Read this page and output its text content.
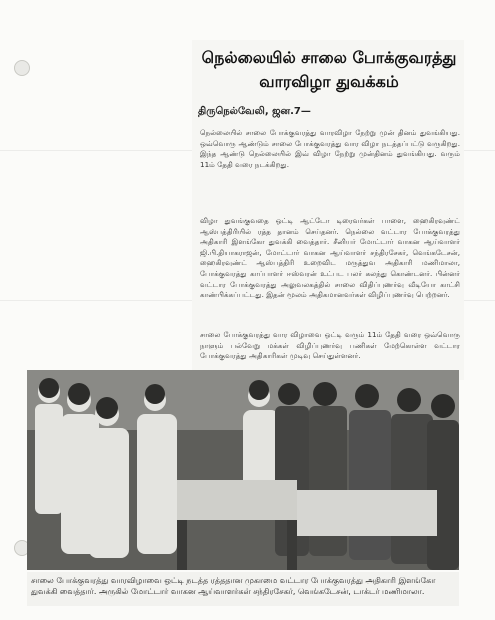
நெல்லையில் சாலை போக்குவரத்து
வாரவிழா துவக்கம்
திருநெல்வேலி, ஜன.7—
நெல்லையில் சாலை போக்குவரத்து வாரவிழா நேற்று முன் தினம் துவங்கியது. ஒவ்வொரு ஆண்டும் சாலை போக்குவரத்து வார விழா நடத்தப்பட்டு வருகிறது. இந்த ஆண்டு நெல்லையில் இவ் விழா நேற்று முன்தினம் துவங்கியது. வரும் 11ம் தேதி வரை நடக்கிறது.
விழா துவங்குவதை ஒட்டி ஆட்டோ டிரைவர்கள் பாளை, ஹைகிரவுண்ட் ஆஸ்பத்திரியில் ரத்த தானம் செய்தனர். நெல்லை வட்டார போக்குவரத்து அதிகாரி இளங்கோ துவக்கி வைத்தார். சீனியர் மோட்டார் வாகன ஆய்வாளர் ஜி.பி.தியாகராஜன், மோட்டார் வாகன ஆய்வாளர் சந்திரசேகர், வெங்கடேசன், ஹைகிரவுண்ட் ஆஸ்பத்திரி உறைவிட மருத்துவ அதிகாரி மணிமாலா, போக்குவரத்து காப்பாளர் ஈஸ்வரன் உட்பட பலர் கலந்து கொண்டனர். பின்னர் வட்டார போக்குவரத்து அலுவலகத்தில் சாலை விதிப்புணர்வு வீடியோ காட்சி காண்பிக்கப்பட்டது. இதன் மூலம் அதிகமானவர்கள் விழிப்புணர்வு பெற்றனர்.
சாலை போக்குவரத்து வார விழாவை ஒட்டி வரும் 11ம் தேதி வரை ஒவ்வொரு நாளும் பல்வேறு மக்கள் விழிப்புணர்வு பணிகள் மேற்கொள்ள வட்டார போக்குவரத்து அதிகாரிகள் முடிவு செய்துள்ளனர்.
சாலை போக்குவரத்து வாரவிழாவை ஒட்டி நடத்த ரத்ததான முகாமை வட்டார போக்குவரத்து அதிகாரி இளங்கோ துவக்கி வைத்தார். அருகில் மோட்டார் வாகன ஆய்வாளர்கள் சந்திரசேகர், வெங்கடேசன், டாக்டர் மணிமாலா.
